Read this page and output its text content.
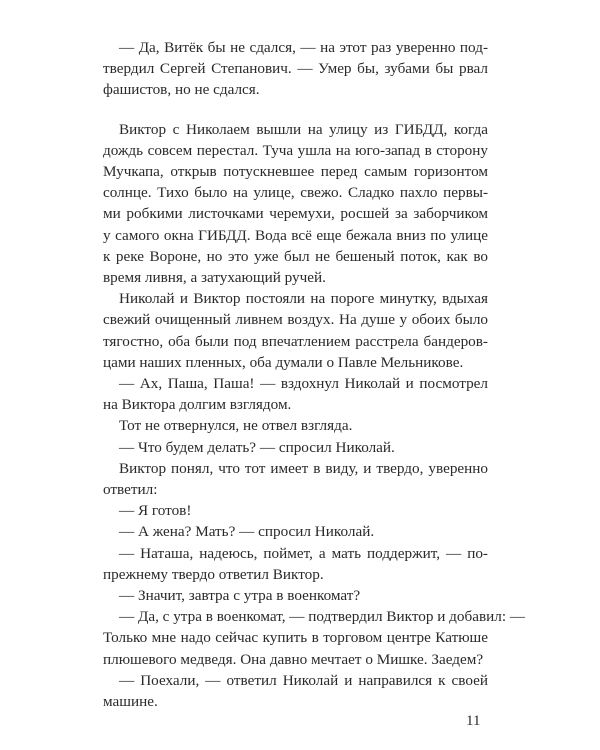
— Да, Витёк бы не сдался, — на этот раз уверенно под-
твердил Сергей Степанович. — Умер бы, зубами бы рвал
фашистов, но не сдался.
Виктор с Николаем вышли на улицу из ГИБДД, когда
дождь совсем перестал. Туча ушла на юго-запад в сторону
Мучкапа, открыв потускневшее перед самым горизонтом
солнце. Тихо было на улице, свежо. Сладко пахло первы-
ми робкими листочками черемухи, росшей за заборчиком
у самого окна ГИБДД. Вода всё еще бежала вниз по улице
к реке Вороне, но это уже был не бешеный поток, как во
время ливня, а затухающий ручей.
Николай и Виктор постояли на пороге минутку, вдыхая
свежий очищенный ливнем воздух. На душе у обоих было
тягостно, оба были под впечатлением расстрела бандеров-
цами наших пленных, оба думали о Павле Мельникове.
— Ах, Паша, Паша! — вздохнул Николай и посмотрел
на Виктора долгим взглядом.
Тот не отвернулся, не отвел взгляда.
— Что будем делать? — спросил Николай.
Виктор понял, что тот имеет в виду, и твердо, уверенно
ответил:
— Я готов!
— А жена? Мать? — спросил Николай.
— Наташа, надеюсь, поймет, а мать поддержит, — по-
прежнему твердо ответил Виктор.
— Значит, завтра с утра в военкомат?
— Да, с утра в военкомат, — подтвердил Виктор и добавил: —
Только мне надо сейчас купить в торговом центре Катюше
плюшевого медведя. Она давно мечтает о Мишке. Заедем?
— Поехали, — ответил Николай и направился к своей
машине.
11
